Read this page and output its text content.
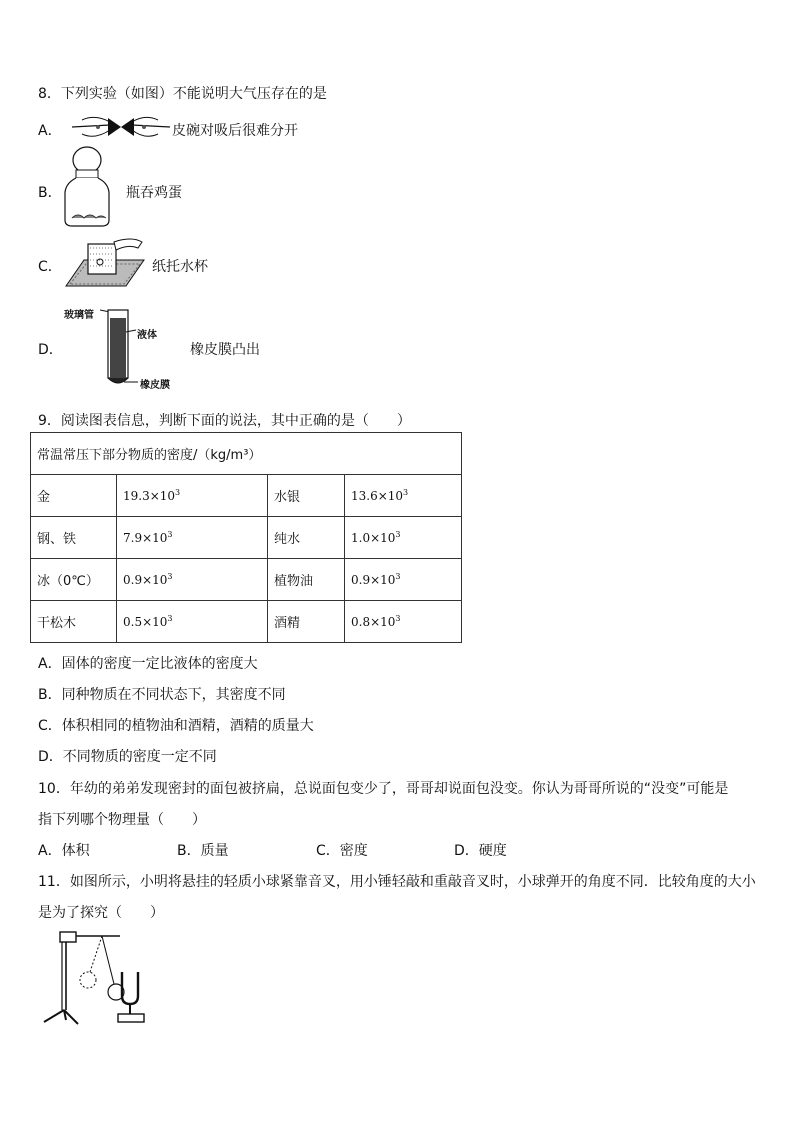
8．下列实验（如图）不能说明大气压存在的是
A．	皮碗对吸后很难分开
B．	瓶吞鸡蛋
C．	纸托水杯
D．
玻璃管
液体
橡皮膜
橡皮膜凸出
9．阅读图表信息，判断下面的说法，其中正确的是（　　）
常温常压下部分物质的密度/（kg/m³）			
金	$19.3\times 10^3$	水银	$13.6\times 10^3$
钢、铁	$7.9\times 10^3$	纯水	$1.0\times 10^3$
冰（0℃）	$0.9\times 10^3$	植物油	$0.9\times 10^3$
干松木	$0.5\times 10^3$	酒精	$0.8\times 10^3$
A．固体的密度一定比液体的密度大
B．同种物质在不同状态下，其密度不同
C．体积相同的植物油和酒精，酒精的质量大
D．不同物质的密度一定不同
10．年幼的弟弟发现密封的面包被挤扁，总说面包变少了，哥哥却说面包没变。你认为哥哥所说的“没变”可能是
指下列哪个物理量（　　）
A．体积	B．质量	C．密度	D．硬度
11．如图所示，小明将悬挂的轻质小球紧靠音叉，用小锤轻敲和重敲音叉时，小球弹开的角度不同．比较角度的大小
是为了探究（　　）
